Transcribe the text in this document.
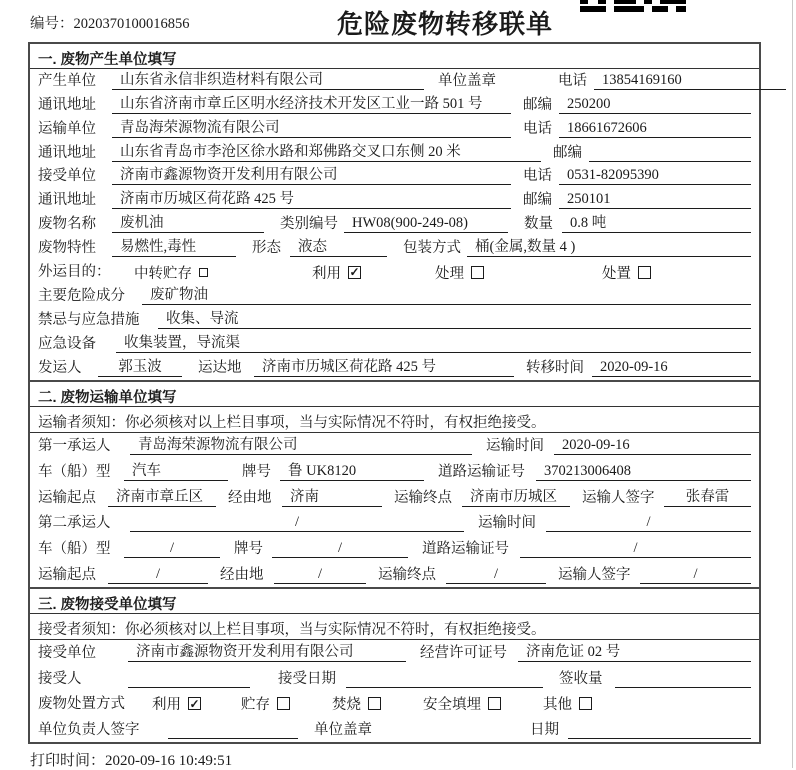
编号：2020370100016856	危险废物转移联单
一. 废物产生单位填写
产生单位	山东省永信非织造材料有限公司	单位盖章	电话	13854169160
通讯地址	山东省济南市章丘区明水经济技术开发区工业一路 501 号	邮编	250200
运输单位	青岛海荣源物流有限公司	电话	18661672606
通讯地址	山东省青岛市李沧区徐水路和郑佛路交叉口东侧 20 米	邮编
接受单位	济南市鑫源物资开发利用有限公司	电话	0531-82095390
通讯地址	济南市历城区荷花路 425 号	邮编	250101
废物名称	废机油	类别编号 HW08(900-249-08)	数量	0.8 吨
废物特性	易燃性,毒性	形态	液态	包装方式 桶(金属,数量 4 )
外运目的：	中转贮存	利用 ✓	处理	处置
主要危险成分	废矿物油
禁忌与应急措施	收集、导流
应急设备	收集装置，导流渠
发运人	郭玉波	运达地	济南市历城区荷花路 425 号	转移时间	2020-09-16
二. 废物运输单位填写
运输者须知：你必须核对以上栏目事项，当与实际情况不符时，有权拒绝接受。
第一承运人	青岛海荣源物流有限公司	运输时间	2020-09-16
车（船）型	汽车	牌号	鲁 UK8120	道路运输证号	370213006408
运输起点	济南市章丘区	经由地	济南	运输终点	济南市历城区	运输人签字	张春雷
第二承运人	/	运输时间	/
车（船）型	/	牌号	/	道路运输证号	/
运输起点	/	经由地	/	运输终点	/	运输人签字	/
三. 废物接受单位填写
接受者须知：你必须核对以上栏目事项，当与实际情况不符时，有权拒绝接受。
接受单位	济南市鑫源物资开发利用有限公司	经营许可证号	济南危证 02 号
接受人	接受日期	签收量
废物处置方式	利用 ✓	贮存	焚烧	安全填埋	其他
单位负责人签字	单位盖章	日期
打印时间：2020-09-16 10:49:51
